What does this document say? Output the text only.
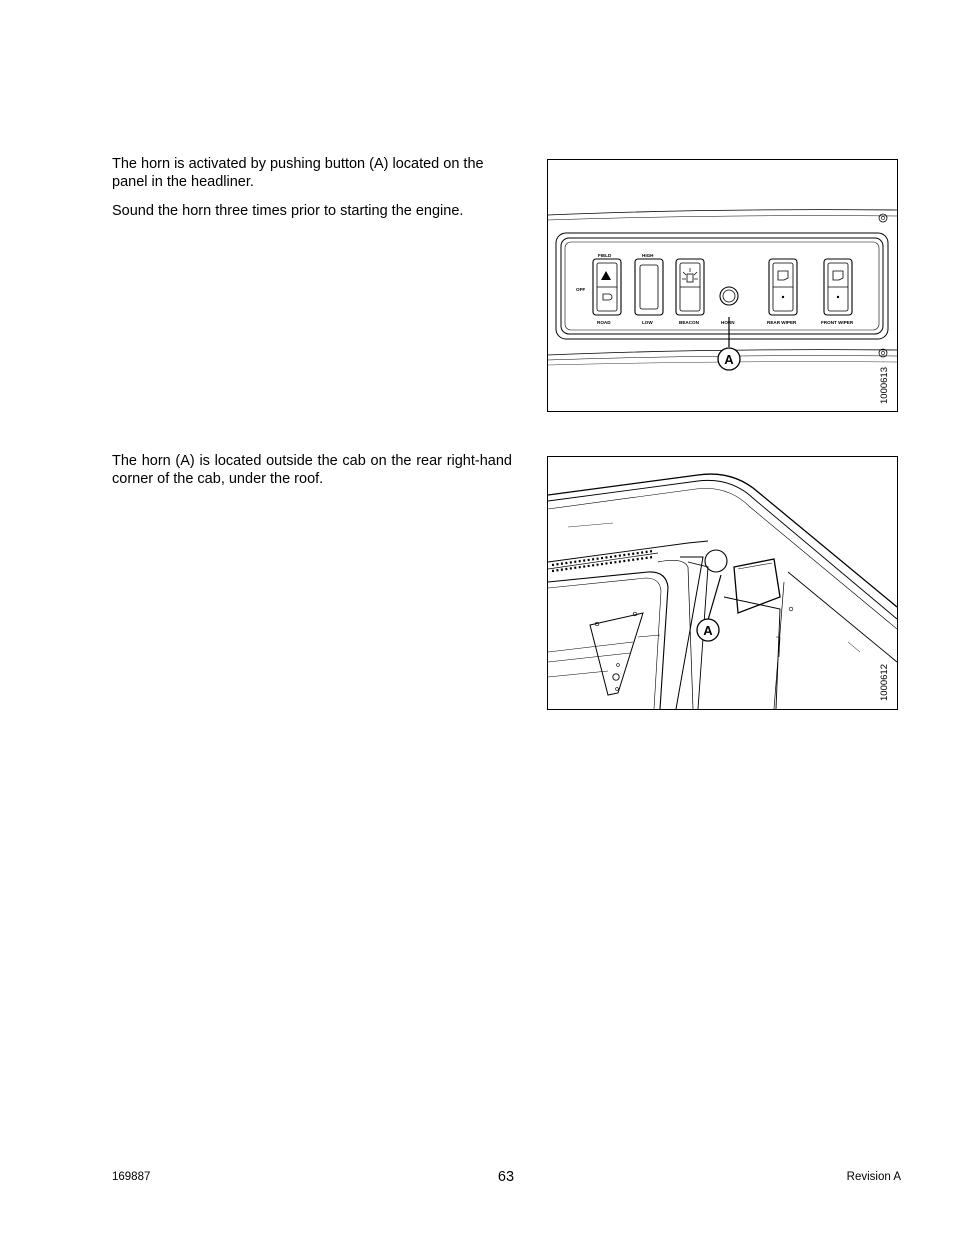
The horn is activated by pushing button (A) located on the panel in the headliner.

Sound the horn three times prior to starting the engine.

FIELD
OFF
ROAD
HIGH
LOW	BEACON	HORN	REAR WIPER	FRONT WIPER
A
1000613

The horn (A) is located outside the cab on the rear right-hand corner of the cab, under the roof.

A
1000612
169887	63	Revision A
